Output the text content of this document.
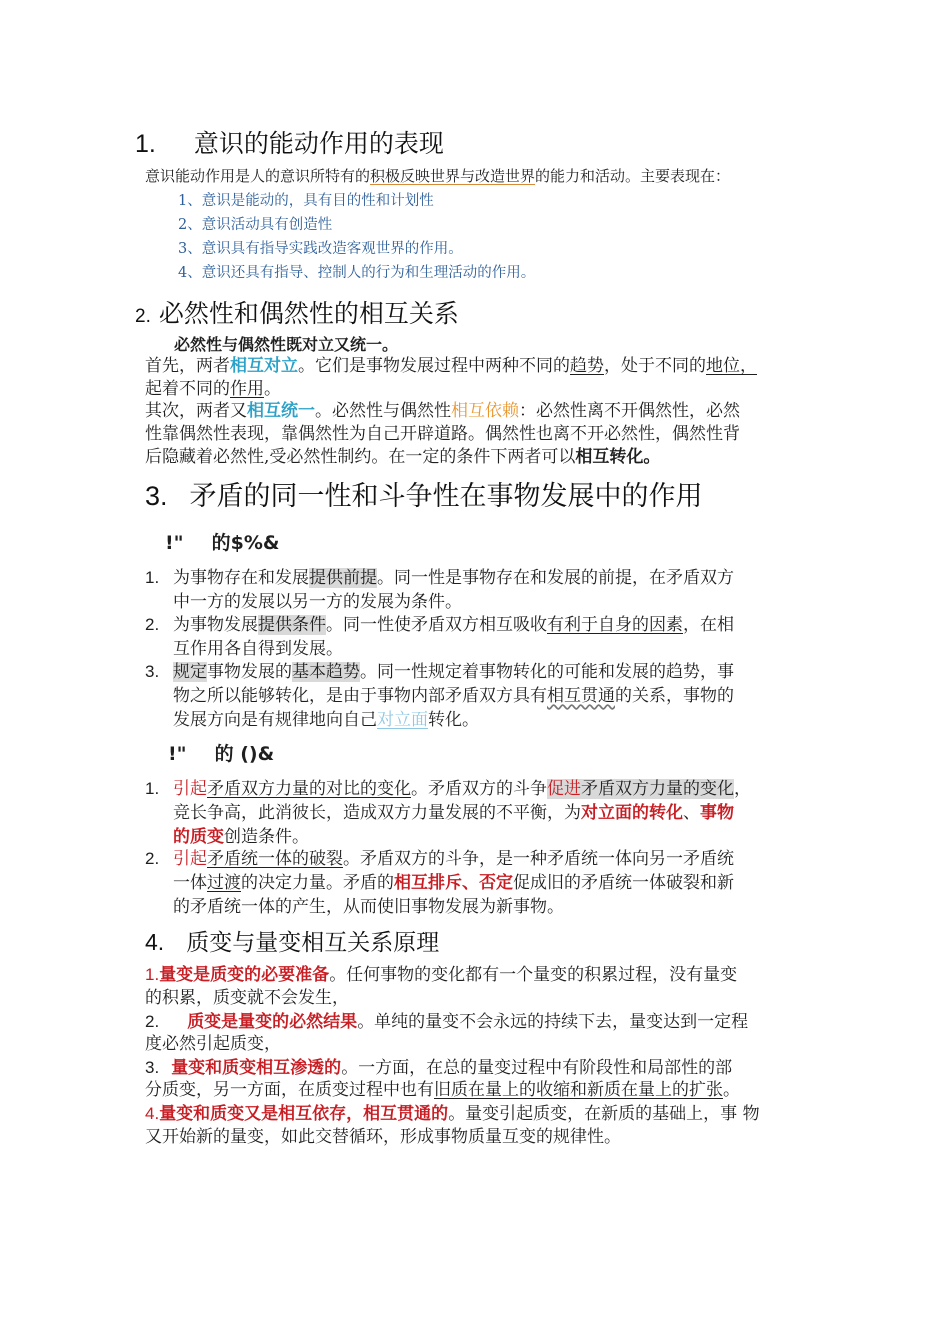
1. 意识的能动作用的表现
意识能动作用是人的意识所特有的积极反映世界与改造世界的能力和活动。主要表现在：
1、意识是能动的，具有目的性和计划性
2、意识活动具有创造性
3、意识具有指导实践改造客观世界的作用。
4、意识还具有指导、控制人的行为和生理活动的作用。
2. 必然性和偶然性的相互关系
必然性与偶然性既对立又统一。
首先，两者相互对立。它们是事物发展过程中两种不同的趋势，处于不同的地位，
起着不同的作用。
其次，两者又相互统一。必然性与偶然性相互依赖：必然性离不开偶然性，必然
性靠偶然性表现，靠偶然性为自己开辟道路。偶然性也离不开必然性，偶然性背
后隐藏着必然性,受必然性制约。在一定的条件下两者可以相互转化。
3. 矛盾的同一性和斗争性在事物发展中的作用
!" 的$%&
1. 为事物存在和发展提供前提。同一性是事物存在和发展的前提，在矛盾双方
中一方的发展以另一方的发展为条件。
2. 为事物发展提供条件。同一性使矛盾双方相互吸收有利于自身的因素，在相
互作用各自得到发展。
3. 规定事物发展的基本趋势。同一性规定着事物转化的可能和发展的趋势，事
物之所以能够转化，是由于事物内部矛盾双方具有相互贯通的关系，事物的
发展方向是有规律地向自己对立面转化。
!" 的 ()&
1. 引起矛盾双方力量的对比的变化。矛盾双方的斗争促进矛盾双方力量的变化，
竞长争高，此消彼长，造成双方力量发展的不平衡，为对立面的转化、事物
的质变创造条件。
2. 引起矛盾统一体的破裂。矛盾双方的斗争，是一种矛盾统一体向另一矛盾统
一体过渡的决定力量。矛盾的相互排斥、否定促成旧的矛盾统一体破裂和新
的矛盾统一体的产生，从而使旧事物发展为新事物。
4. 质变与量变相互关系原理
1.量变是质变的必要准备。任何事物的变化都有一个量变的积累过程，没有量变
的积累，质变就不会发生，
2. 质变是量变的必然结果。单纯的量变不会永远的持续下去，量变达到一定程
度必然引起质变，
3. 量变和质变相互渗透的。一方面，在总的量变过程中有阶段性和局部性的部
分质变，另一方面，在质变过程中也有旧质在量上的收缩和新质在量上的扩张。
4.量变和质变又是相互依存，相互贯通的。量变引起质变，在新质的基础上，事 物
又开始新的量变，如此交替循环，形成事物质量互变的规律性。
